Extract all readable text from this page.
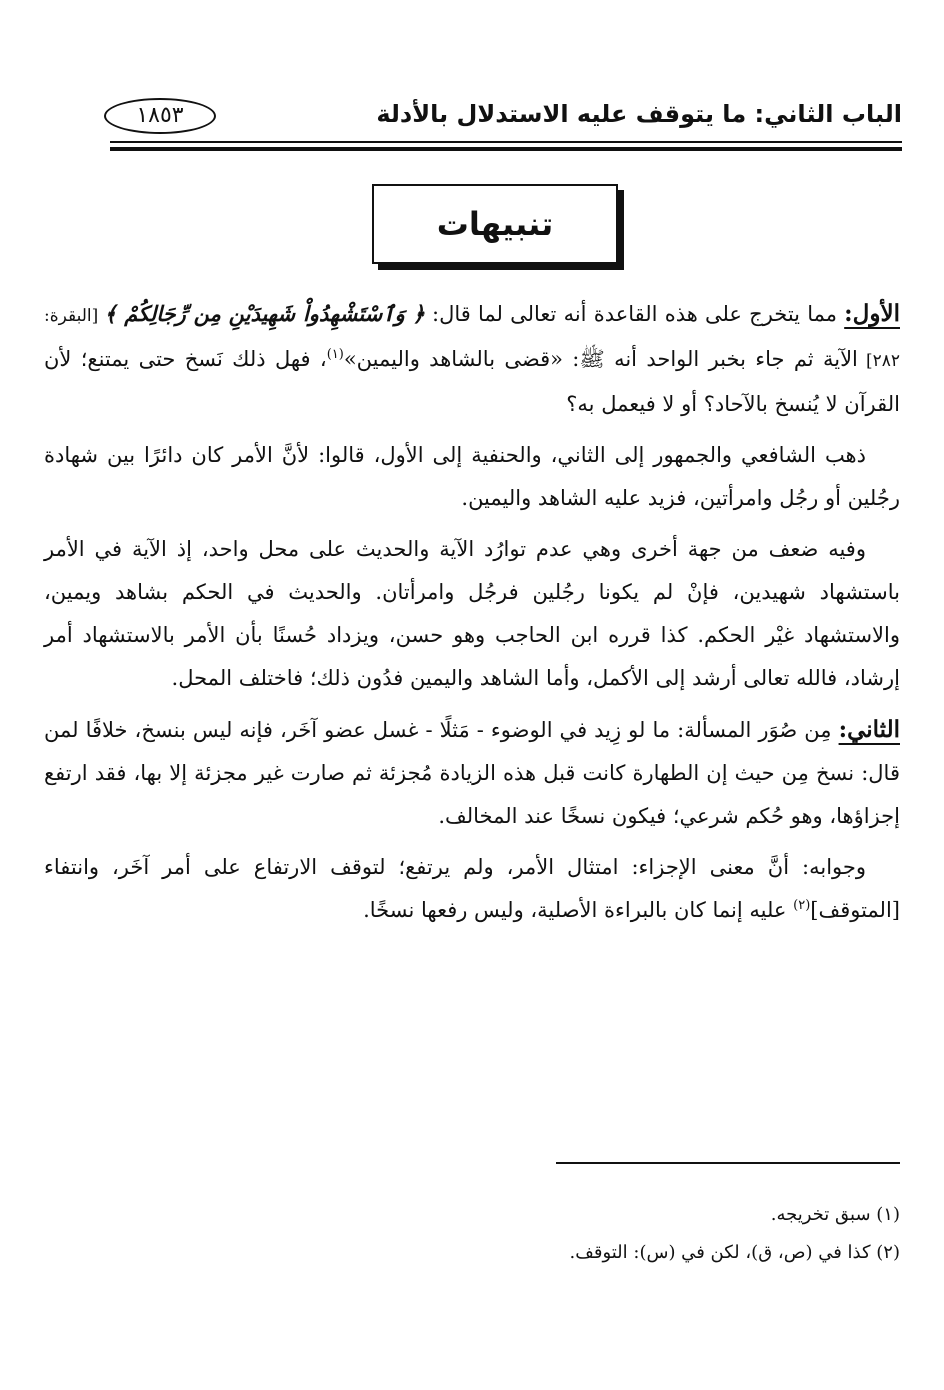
الباب الثاني: ما يتوقف عليه الاستدلال بالأدلة
١٨٥٣
تنبيهات

الأول: مما يتخرج على هذه القاعدة أنه تعالى لما قال: ﴿ وَٱسْتَشْهِدُواْ شَهِيدَيْنِ مِن رِّجَالِكُمْ ﴾ [البقرة: ٢٨٢] الآية ثم جاء بخبر الواحد أنه ﷺ: «قضى بالشاهد واليمين»$^{(١)}$، فهل ذلك نَسخ حتى يمتنع؛ لأن القرآن لا يُنسخ بالآحاد؟ أو لا فيعمل به؟

ذهب الشافعي والجمهور إلى الثاني، والحنفية إلى الأول، قالوا: لأنَّ الأمر كان دائرًا بين شهادة رجُلين أو رجُل وامرأتين، فزيد عليه الشاهد واليمين.

وفيه ضعف من جهة أخرى وهي عدم توارُد الآية والحديث على محل واحد، إذ الآية في الأمر باستشهاد شهيدين، فإنْ لم يكونا رجُلين فرجُل وامرأتان. والحديث في الحكم بشاهد ويمين، والاستشهاد غيْر الحكم. كذا قرره ابن الحاجب وهو حسن، ويزداد حُسنًا بأن الأمر بالاستشهاد أمر إرشاد، فالله تعالى أرشد إلى الأكمل، وأما الشاهد واليمين فدُون ذلك؛ فاختلف المحل.

الثاني: مِن صُوَر المسألة: ما لو زِيد في الوضوء - مَثلًا - غسل عضو آخَر، فإنه ليس بنسخ، خلافًا لمن قال: نسخ مِن حيث إن الطهارة كانت قبل هذه الزيادة مُجزئة ثم صارت غير مجزئة إلا بها، فقد ارتفع إجزاؤها، وهو حُكم شرعي؛ فيكون نسخًا عند المخالف.

وجوابه: أنَّ معنى الإجزاء: امتثال الأمر، ولم يرتفع؛ لتوقف الارتفاع على أمر آخَر، وانتفاء [المتوقف]$^{(٢)}$ عليه إنما كان بالبراءة الأصلية، وليس رفعها نسخًا.

(١) سبق تخريجه.
(٢) كذا في (ص، ق)، لكن في (س): التوقف.
